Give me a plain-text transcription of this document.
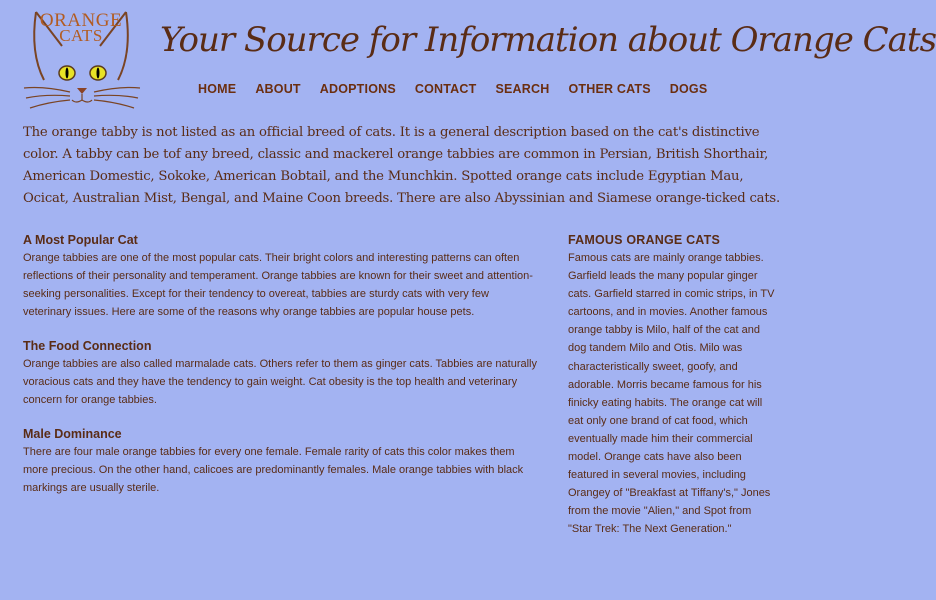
ORANGE
CATS	Your Source for Information about Orange Cats
HOME ABOUT ADOPTIONS CONTACT SEARCH OTHER CATS DOGS

The orange tabby is not listed as an official breed of cats. It is a general description based on the cat's distinctive color. A tabby can be tof any breed, classic and mackerel orange tabbies are common in Persian, British Shorthair, American Domestic, Sokoke, American Bobtail, and the Munchkin. Spotted orange cats include Egyptian Mau, Ocicat, Australian Mist, Bengal, and Maine Coon breeds. There are also Abyssinian and Siamese orange-ticked cats.

A Most Popular Cat

Orange tabbies are one of the most popular cats. Their bright colors and interesting patterns can often reflections of their personality and temperament. Orange tabbies are known for their sweet and attention-seeking personalities. Except for their tendency to overeat, tabbies are sturdy cats with very few veterinary issues. Here are some of the reasons why orange tabbies are popular house pets.

The Food Connection

Orange tabbies are also called marmalade cats. Others refer to them as ginger cats. Tabbies are naturally voracious cats and they have the tendency to gain weight. Cat obesity is the top health and veterinary concern for orange tabbies.

Male Dominance

There are four male orange tabbies for every one female. Female rarity of cats this color makes them more precious. On the other hand, calicoes are predominantly females. Male orange tabbies with black markings are usually sterile.

FAMOUS ORANGE CATS

Famous cats are mainly orange tabbies. Garfield leads the many popular ginger cats. Garfield starred in comic strips, in TV cartoons, and in movies. Another famous orange tabby is Milo, half of the cat and dog tandem Milo and Otis. Milo was characteristically sweet, goofy, and adorable. Morris became famous for his finicky eating habits. The orange cat will eat only one brand of cat food, which eventually made him their commercial model. Orange cats have also been featured in several movies, including Orangey of "Breakfast at Tiffany's," Jones from the movie "Alien," and Spot from "Star Trek: The Next Generation."
